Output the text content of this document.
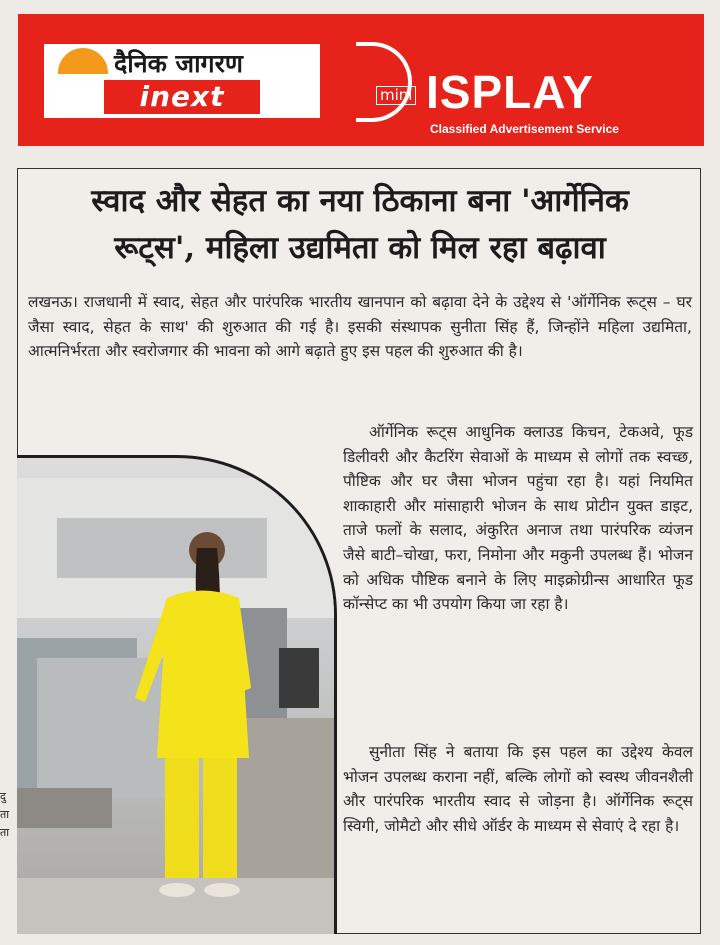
दैनिक जागरण
inext	mini ISPLAY
Classified Advertisement Service
स्वाद और सेहत का नया ठिकाना बना 'आर्गेनिक
रूट्स', महिला उद्यमिता को मिल रहा बढ़ावा

लखनऊ। राजधानी में स्वाद, सेहत और पारंपरिक भारतीय खानपान को बढ़ावा देने के उद्देश्य से 'ऑर्गेनिक रूट्स – घर जैसा स्वाद, सेहत के साथ' की शुरुआत की गई है। इसकी संस्थापक सुनीता सिंह हैं, जिन्होंने महिला उद्यमिता, आत्मनिर्भरता और स्वरोजगार की भावना को आगे बढ़ाते हुए इस पहल की शुरुआत की है।

ऑर्गेनिक रूट्स आधुनिक क्लाउड किचन, टेकअवे, फूड डिलीवरी और कैटरिंग सेवाओं के माध्यम से लोगों तक स्वच्छ, पौष्टिक और घर जैसा भोजन पहुंचा रहा है। यहां नियमित शाकाहारी और मांसाहारी भोजन के साथ प्रोटीन युक्त डाइट, ताजे फलों के सलाद, अंकुरित अनाज तथा पारंपरिक व्यंजन जैसे बाटी–चोखा, फरा, निमोना और मकुनी उपलब्ध हैं। भोजन को अधिक पौष्टिक बनाने के लिए माइक्रोग्रीन्स आधारित फूड कॉन्सेप्ट का भी उपयोग किया जा रहा है।

सुनीता सिंह ने बताया कि इस पहल का उद्देश्य केवल भोजन उपलब्ध कराना नहीं, बल्कि लोगों को स्वस्थ जीवनशैली और पारंपरिक भारतीय स्वाद से जोड़ना है। ऑर्गेनिक रूट्स स्विगी, जोमैटो और सीधे ऑर्डर के माध्यम से सेवाएं दे रहा है।

दु
ता
ता
